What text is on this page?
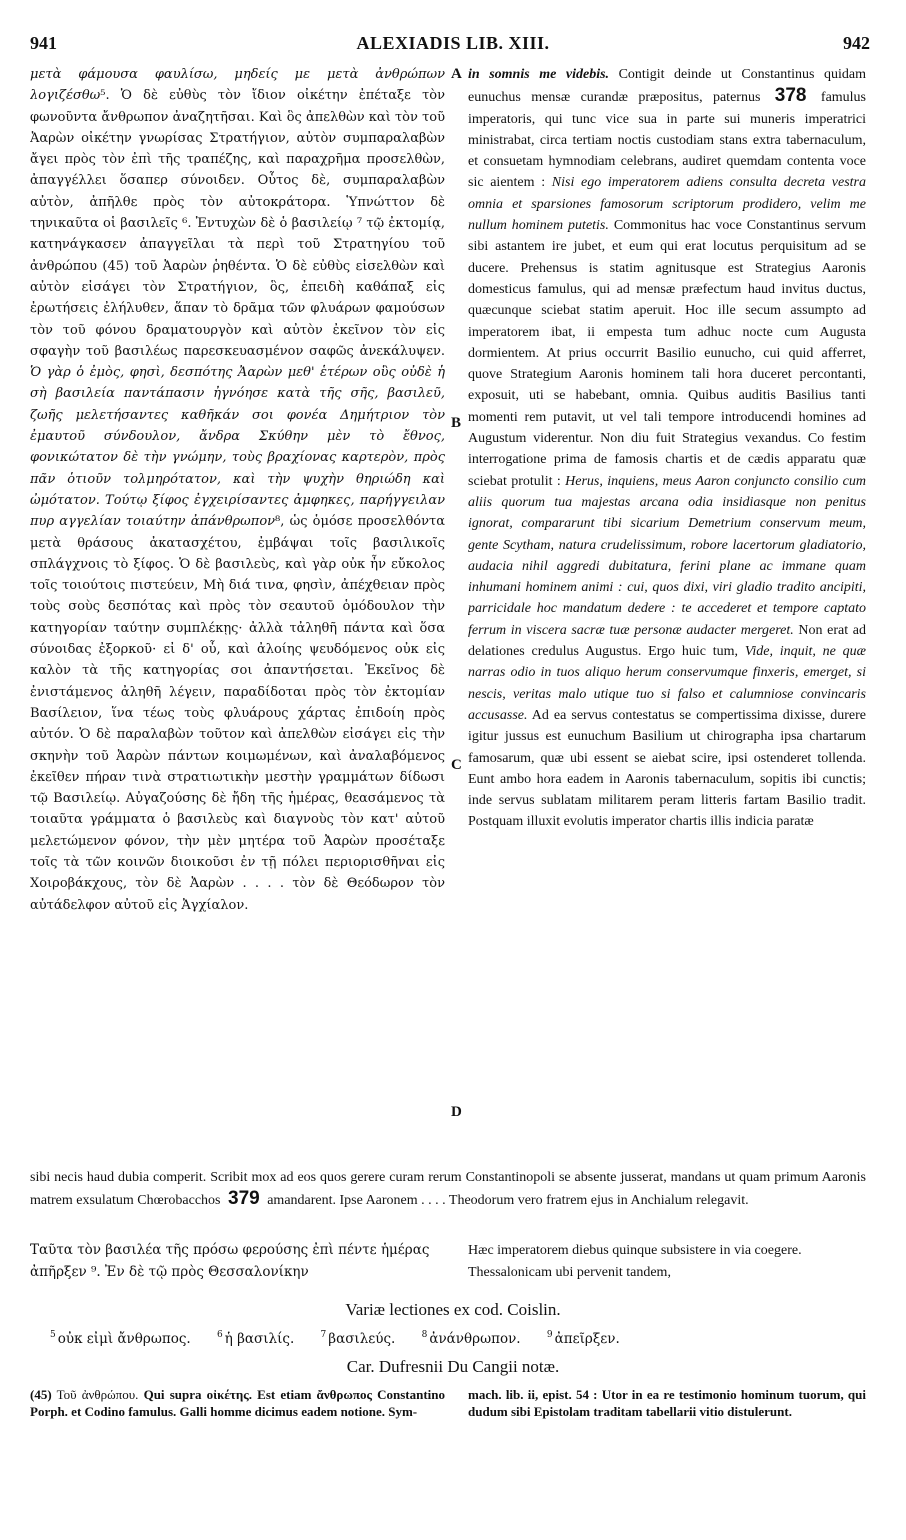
941	ALEXIADIS LIB. XIII.	942
A
B
C
D

μετὰ φάμουσα φαυλίσω, μηδείς με μετὰ ἀνθρώπων λογιζέσθω⁵. Ὁ δὲ εὐθὺς τὸν ἴδιον οἰκέτην ἐπέταξε τὸν φωνοῦντα ἄνθρωπον ἀναζητῆσαι. Καὶ ὃς ἀπελθὼν καὶ τὸν τοῦ Ἀαρὼν οἰκέτην γνωρίσας Στρατήγιον, αὐτὸν συμπαραλαβὼν ἄγει πρὸς τὸν ἐπὶ τῆς τραπέζης, καὶ παραχρῆμα προσελθὼν, ἀπαγγέλλει ὅσαπερ σύνοιδεν. Οὗτος δὲ, συμπαραλαβὼν αὐτὸν, ἀπῆλθε πρὸς τὸν αὐτοκράτορα. Ὑπνώττον δὲ τηνικαῦτα οἱ βασιλεῖς ⁶. Ἐντυχὼν δὲ ὁ βασιλείῳ ⁷ τῷ ἐκτομίᾳ, κατηνάγκασεν ἀπαγγεῖλαι τὰ περὶ τοῦ Στρατηγίου τοῦ ἀνθρώπου (45) τοῦ Ἀαρὼν ῥηθέντα. Ὁ δὲ εὐθὺς εἰσελθὼν καὶ αὐτὸν εἰσάγει τὸν Στρατήγιον, ὃς, ἐπειδὴ καθάπαξ εἰς ἐρωτήσεις ἐλήλυθεν, ἅπαν τὸ δρᾶμα τῶν φλυάρων φαμούσων τὸν τοῦ φόνου δραματουργὸν καὶ αὐτὸν ἐκεῖνον τὸν εἰς σφαγὴν τοῦ βασιλέως παρεσκευασμένον σαφῶς ἀνεκάλυψεν. Ὁ γὰρ ὁ ἐμὸς, φησὶ, δεσπότης Ἀαρὼν μεθ' ἑτέρων οὓς οὐδὲ ἡ σὴ βασιλεία παντάπασιν ἠγνόησε κατὰ τῆς σῆς, βασιλεῦ, ζωῆς μελετήσαντες καθῆκάν σοι φονέα Δημήτριον τὸν ἐμαυτοῦ σύνδουλον, ἄνδρα Σκύθην μὲν τὸ ἔθνος, φονικώτατον δὲ τὴν γνώμην, τοὺς βραχίονας καρτερὸν, πρὸς πᾶν ὁτιοῦν τολμηρότατον, καὶ τὴν ψυχὴν θηριώδη καὶ ὠμότατον. Τούτῳ ξίφος ἐγχειρίσαντες ἀμφηκες, παρήγγειλαν πυρ αγγελίαν τοιαύτην ἀπάνθρωπον⁸, ὡς ὁμόσε προσελθόντα μετὰ θράσους ἀκατασχέτου, ἐμβάψαι τοῖς βασιλικοῖς σπλάγχνοις τὸ ξίφος. Ὁ δὲ βασιλεὺς, καὶ γὰρ οὐκ ἦν εὔκολος τοῖς τοιούτοις πιστεύειν, Μὴ διά τινα, φησὶν, ἀπέχθειαν πρὸς τοὺς σοὺς δεσπότας καὶ πρὸς τὸν σεαυτοῦ ὁμόδουλον τὴν κατηγορίαν ταύτην συμπλέκῃς· ἀλλὰ τἀληθῆ πάντα καὶ ὅσα σύνοιδας ἐξορκοῦ· εἰ δ' οὖ, καὶ ἀλοίης ψευδόμενος οὐκ εἰς καλὸν τὰ τῆς κατηγορίας σοι ἀπαντήσεται. Ἐκεῖνος δὲ ἐνιστάμενος ἀληθῆ λέγειν, παραδίδοται πρὸς τὸν ἐκτομίαν Βασίλειον, ἵνα τέως τοὺς φλυάρους χάρτας ἐπιδοίη πρὸς αὐτόν. Ὁ δὲ παραλαβὼν τοῦτον καὶ ἀπελθὼν εἰσάγει εἰς τὴν σκηνὴν τοῦ Ἀαρὼν πάντων κοιμωμένων, καὶ ἀναλαβόμενος ἐκεῖθεν πήραν τινὰ στρατιωτικὴν μεστὴν γραμμάτων δίδωσι τῷ Βασιλείῳ. Αὐγαζούσης δὲ ἤδη τῆς ἡμέρας, θεασάμενος τὰ τοιαῦτα γράμματα ὁ βασιλεὺς καὶ διαγνοὺς τὸν κατ' αὐτοῦ μελετώμενον φόνον, τὴν μὲν μητέρα τοῦ Ἀαρὼν προσέταξε τοῖς τὰ τῶν κοινῶν διοικοῦσι ἐν τῇ πόλει περιορισθῆναι εἰς Χοιροβάκχους, τὸν δὲ Ἀαρὼν . . . . τὸν δὲ Θεόδωρον τὸν αὐτάδελφον αὐτοῦ εἰς Ἀγχίαλον.

in somnis me videbis. Contigit deinde ut Constantinus quidam eunuchus mensæ curandæ præpositus, paternus 378 famulus imperatoris, qui tunc vice sua in parte sui muneris imperatrici ministrabat, circa tertiam noctis custodiam stans extra tabernaculum, et consuetam hymnodiam celebrans, audiret quemdam contenta voce sic aientem : Nisi ego imperatorem adiens consulta decreta vestra omnia et sparsiones famosorum scriptorum prodidero, velim me nullum hominem putetis. Commonitus hac voce Constantinus servum sibi astantem ire jubet, et eum qui erat locutus perquisitum ad se ducere. Prehensus is statim agnitusque est Strategius Aaronis domesticus famulus, qui ad mensæ præfectum haud invitus ductus, quæcunque sciebat statim aperuit. Hoc ille secum assumpto ad imperatorem ibat, ii empesta tum adhuc nocte cum Augusta dormientem. At prius occurrit Basilio eunucho, cui quid afferret, quove Strategium Aaronis hominem tali hora duceret percontanti, exposuit, uti se habebant, omnia. Quibus auditis Basilius tanti momenti rem putavit, ut vel tali tempore introducendi homines ad Augustum viderentur. Non diu fuit Strategius vexandus. Co festim interrogatione prima de famosis chartis et de cædis apparatu quæ sciebat protulit : Herus, inquiens, meus Aaron conjuncto consilio cum aliis quorum tua majestas arcana odia insidiasque non penitus ignorat, compararunt tibi sicarium Demetrium conservum meum, gente Scytham, natura crudelissimum, robore lacertorum gladiatorio, audacia nihil aggredi dubitatura, ferini plane ac immane quam inhumani hominem animi : cui, quos dixi, viri gladio tradito ancipiti, parricidale hoc mandatum dedere : te accederet et tempore captato ferrum in viscera sacræ tuæ personæ audacter mergeret. Non erat ad delationes credulus Augustus. Ergo huic tum, Vide, inquit, ne quæ narras odio in tuos aliquo herum conservumque finxeris, emerget, si nescis, veritas malo utique tuo si falso et calumniose convincaris accusasse. Ad ea servus contestatus se compertissima dixisse, durere igitur jussus est eunuchum Basilium ut chirographa ipsa chartarum famosarum, quæ ubi essent se aiebat scire, ipsi ostenderet tollenda. Eunt ambo hora eadem in Aaronis tabernaculum, sopitis ibi cunctis; inde servus sublatam militarem peram litteris fartam Basilio tradit. Postquam illuxit evolutis imperator chartis illis indicia paratæ

sibi necis haud dubia comperit. Scribit mox ad eos quos gerere curam rerum Constantinopoli se absente jusserat, mandans ut quam primum Aaronis matrem exsulatum Chœrobacchos 379 amandarent. Ipse Aaronem . . . . Theodorum vero fratrem ejus in Anchialum relegavit.
Ταῦτα τὸν βασιλέα τῆς πρόσω φερούσης ἐπὶ πέντε ἡμέρας ἀπῆρξεν ⁹. Ἐν δὲ τῷ πρὸς Θεσσαλονίκην
Hæc imperatorem diebus quinque subsistere in via coegere. Thessalonicam ubi pervenit tandem,
Variæ lectiones ex cod. Coislin.
$^5$ οὐκ εἰμὶ ἄνθρωπος.	$^6$ ἡ βασιλίς.	$^7$ βασιλεύς.	$^8$ ἀνάνθρωπον.	$^9$ ἀπεῖρξεν.
Car. Dufresnii Du Cangii notæ.
(45) Τοῦ ἀνθρώπου. Qui supra οἰκέτης. Est etiam ἄνθρωπος Constantino Porph. et Codino famulus. Galli homme dicimus eadem notione. Sym-
mach. lib. ii, epist. 54 : Utor in ea re testimonio hominum tuorum, qui dudum sibi Epistolam traditam tabellarii vitio distulerunt.
